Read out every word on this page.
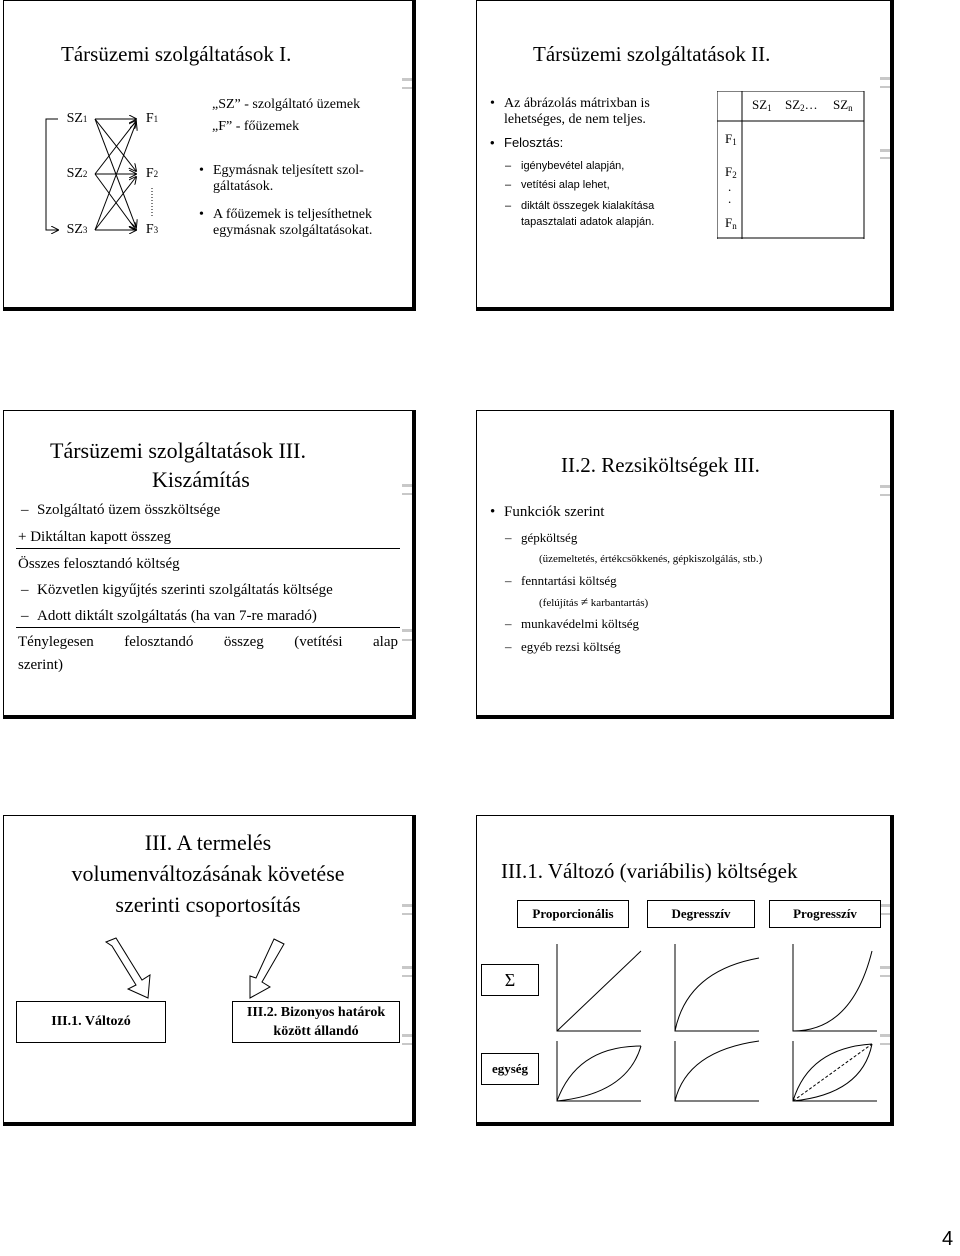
Társüzemi szolgáltatások I.
SZ 1
SZ 2
SZ 3
F 1
F 2
F 3
„SZ” - szolgáltató üzemek
„F” - főüzemek
• Egymásnak teljesített szol-
gáltatások.
• A főüzemek is teljesíthetnek
egymásnak szolgáltatásokat.
Társüzemi szolgáltatások II.
• Az ábrázolás mátrixban is
lehetséges, de nem teljes.
• Felosztás:
– igénybevétel alapján,
– vetítési alap lehet,
– diktált összegek kialakítása
tapasztalati adatok alapján.
$SZ_1$ $SZ_2\dots$ $SZ_n$
$F_1$
$F_2$
.
.
$F_n$
Társüzemi szolgáltatások III.
Kiszámítás
– Szolgáltató üzem összköltsége
+ Diktáltan kapott összeg
Összes felosztandó költség
– Közvetlen kigyűjtés szerinti szolgáltatás költsége
– Adott diktált szolgáltatás (ha van 7-re maradó)
Ténylegesen felosztandó összeg (vetítési alap
szerint)
II.2. Rezsiköltségek III.
• Funkciók szerint
– gépköltség
(üzemeltetés, értékcsökkenés, gépkiszolgálás, stb.)
– fenntartási költség
(felújítás ≠ karbantartás)
– munkavédelmi költség
– egyéb rezsi költség
III. A termelés
volumenváltozásának követése
szerinti csoportosítás
III.1. Változó
III.2. Bizonyos határok
között állandó
III.1. Változó (variábilis) költségek
Proporcionális	Degresszív	Progresszív
Σ
egység
4
